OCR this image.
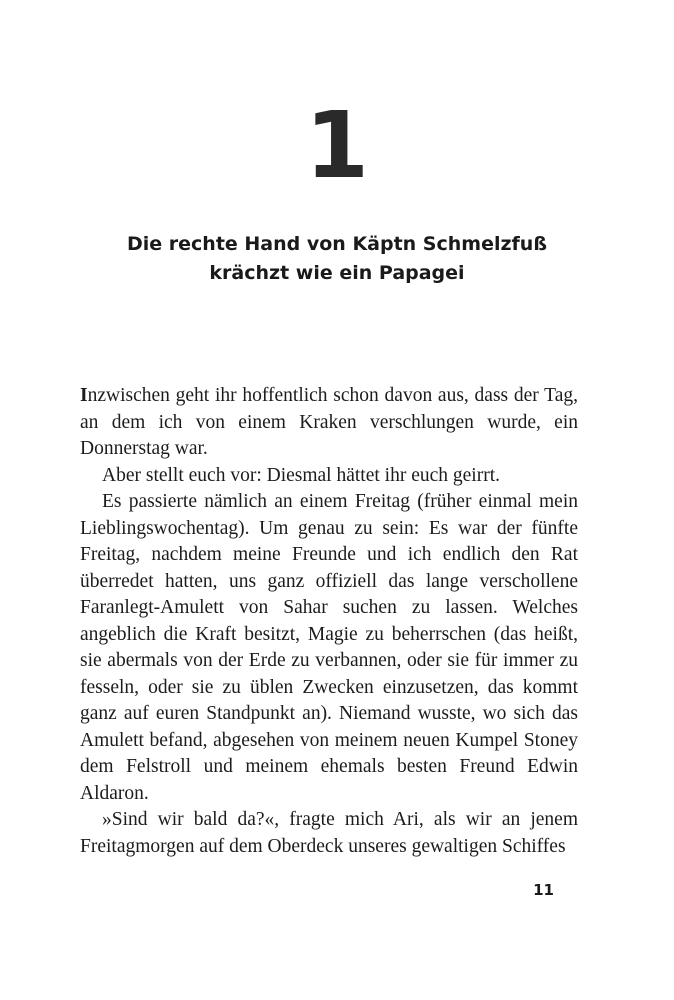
1
Die rechte Hand von Käptn Schmelzfuß
krächzt wie ein Papagei

Inzwischen geht ihr hoffentlich schon davon aus, dass der Tag, an dem ich von einem Kraken verschlungen wurde, ein Donnerstag war.

Aber stellt euch vor: Diesmal hättet ihr euch geirrt.

Es passierte nämlich an einem Freitag (früher einmal mein Lieblingswochentag). Um genau zu sein: Es war der fünfte Freitag, nachdem meine Freunde und ich endlich den Rat überredet hatten, uns ganz offiziell das lange verschollene Faranlegt-Amulett von Sahar suchen zu lassen. Welches angeblich die Kraft besitzt, Magie zu beherrschen (das heißt, sie abermals von der Erde zu verbannen, oder sie für immer zu fesseln, oder sie zu üblen Zwecken einzusetzen, das kommt ganz auf euren Standpunkt an). Niemand wusste, wo sich das Amulett befand, abgesehen von meinem neuen Kumpel Stoney dem Felstroll und meinem ehemals besten Freund Edwin Aldaron.

»Sind wir bald da?«, fragte mich Ari, als wir an jenem Freitagmorgen auf dem Oberdeck unseres gewaltigen Schiffes

11
